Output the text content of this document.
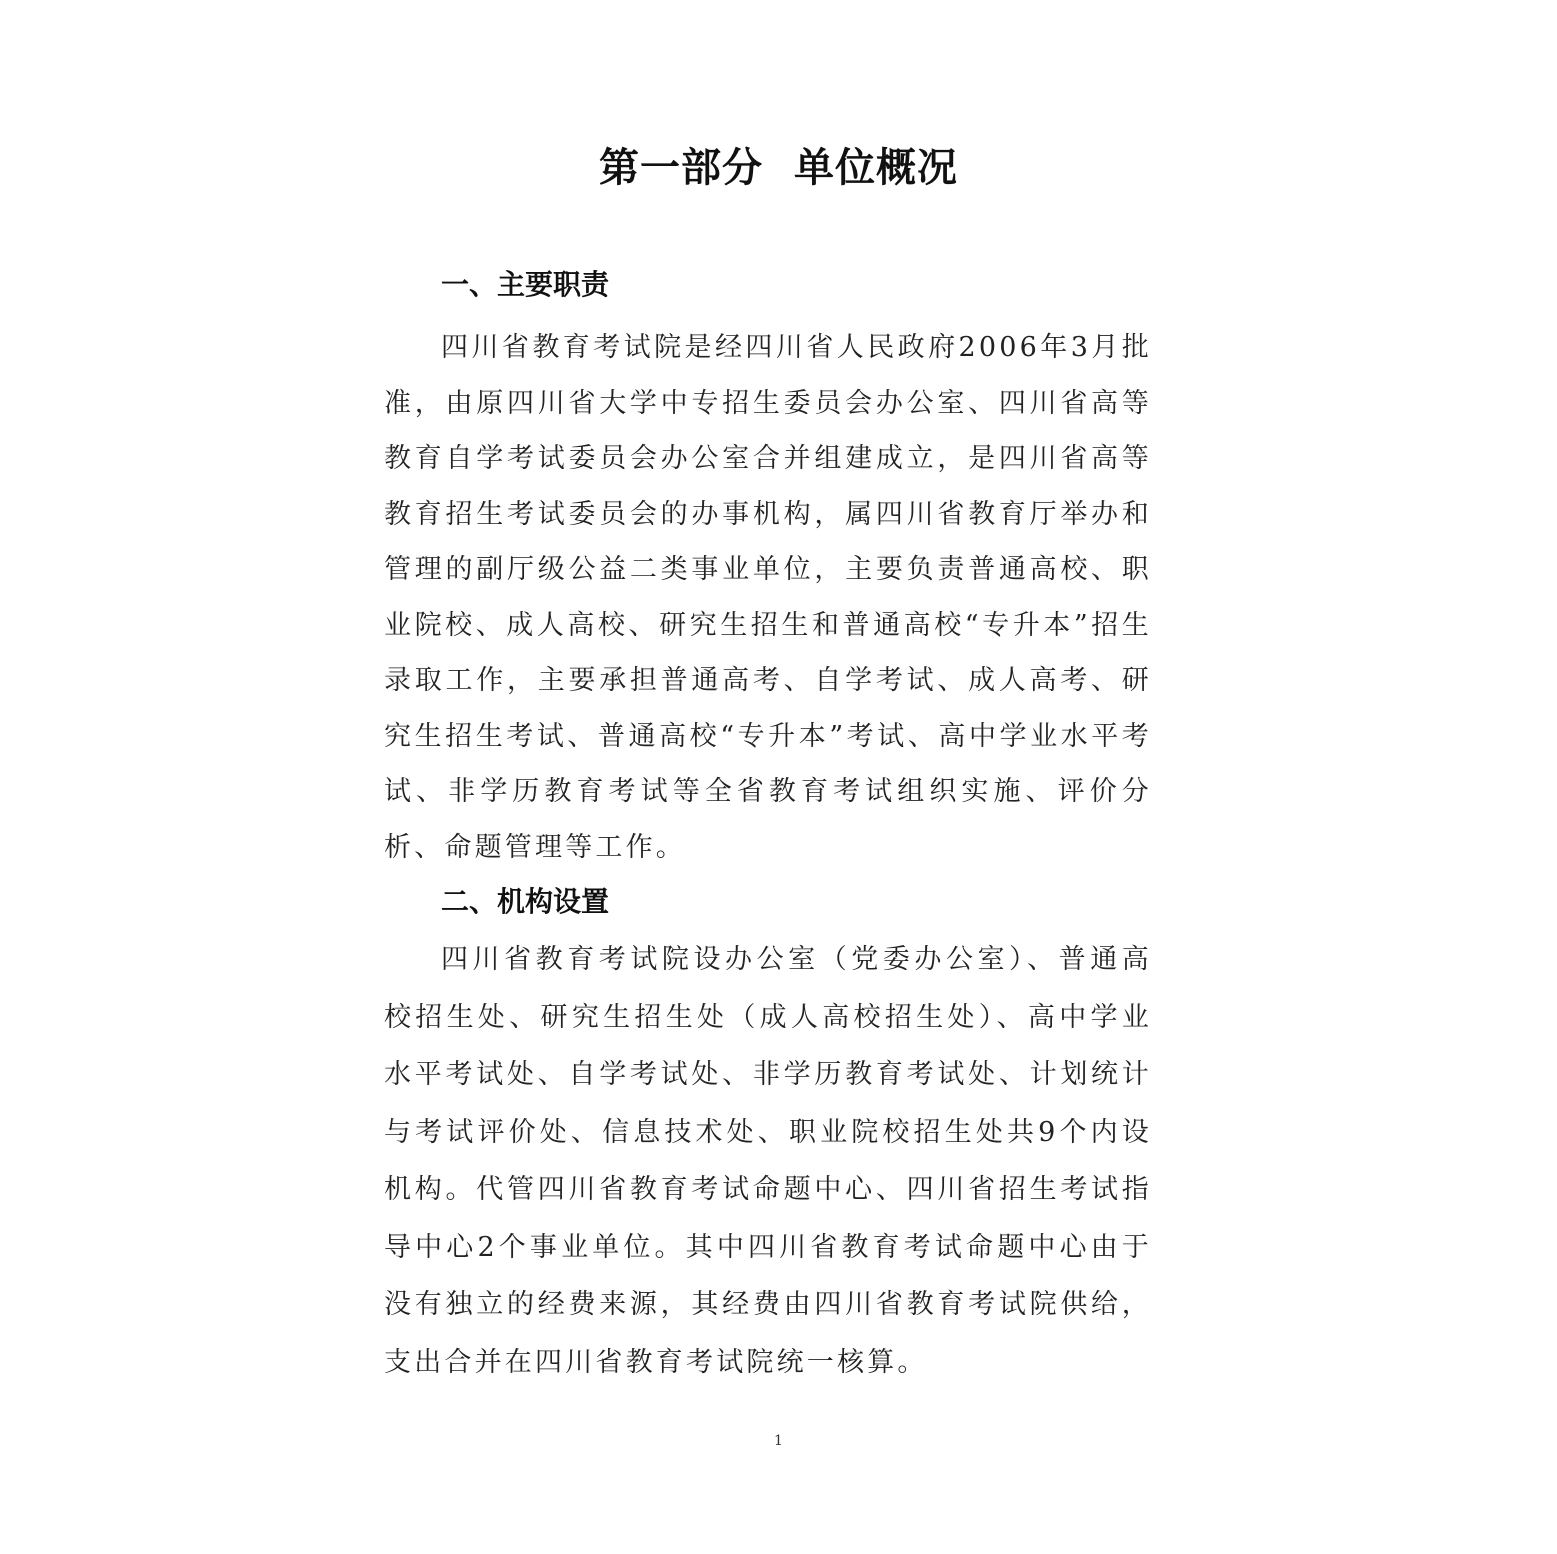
第一部分 单位概况
一、主要职责

四川省教育考试院是经四川省人民政府2006年3月批准，由原四川省大学中专招生委员会办公室、四川省高等教育自学考试委员会办公室合并组建成立，是四川省高等教育招生考试委员会的办事机构，属四川省教育厅举办和管理的副厅级公益二类事业单位，主要负责普通高校、职业院校、成人高校、研究生招生和普通高校“专升本”招生录取工作，主要承担普通高考、自学考试、成人高考、研究生招生考试、普通高校“专升本”考试、高中学业水平考试、非学历教育考试等全省教育考试组织实施、评价分析、命题管理等工作。

二、机构设置

四川省教育考试院设办公室（党委办公室）、普通高校招生处、研究生招生处（成人高校招生处）、高中学业水平考试处、自学考试处、非学历教育考试处、计划统计与考试评价处、信息技术处、职业院校招生处共9个内设机构。代管四川省教育考试命题中心、四川省招生考试指导中心2个事业单位。其中四川省教育考试命题中心由于没有独立的经费来源，其经费由四川省教育考试院供给，支出合并在四川省教育考试院统一核算。

1
